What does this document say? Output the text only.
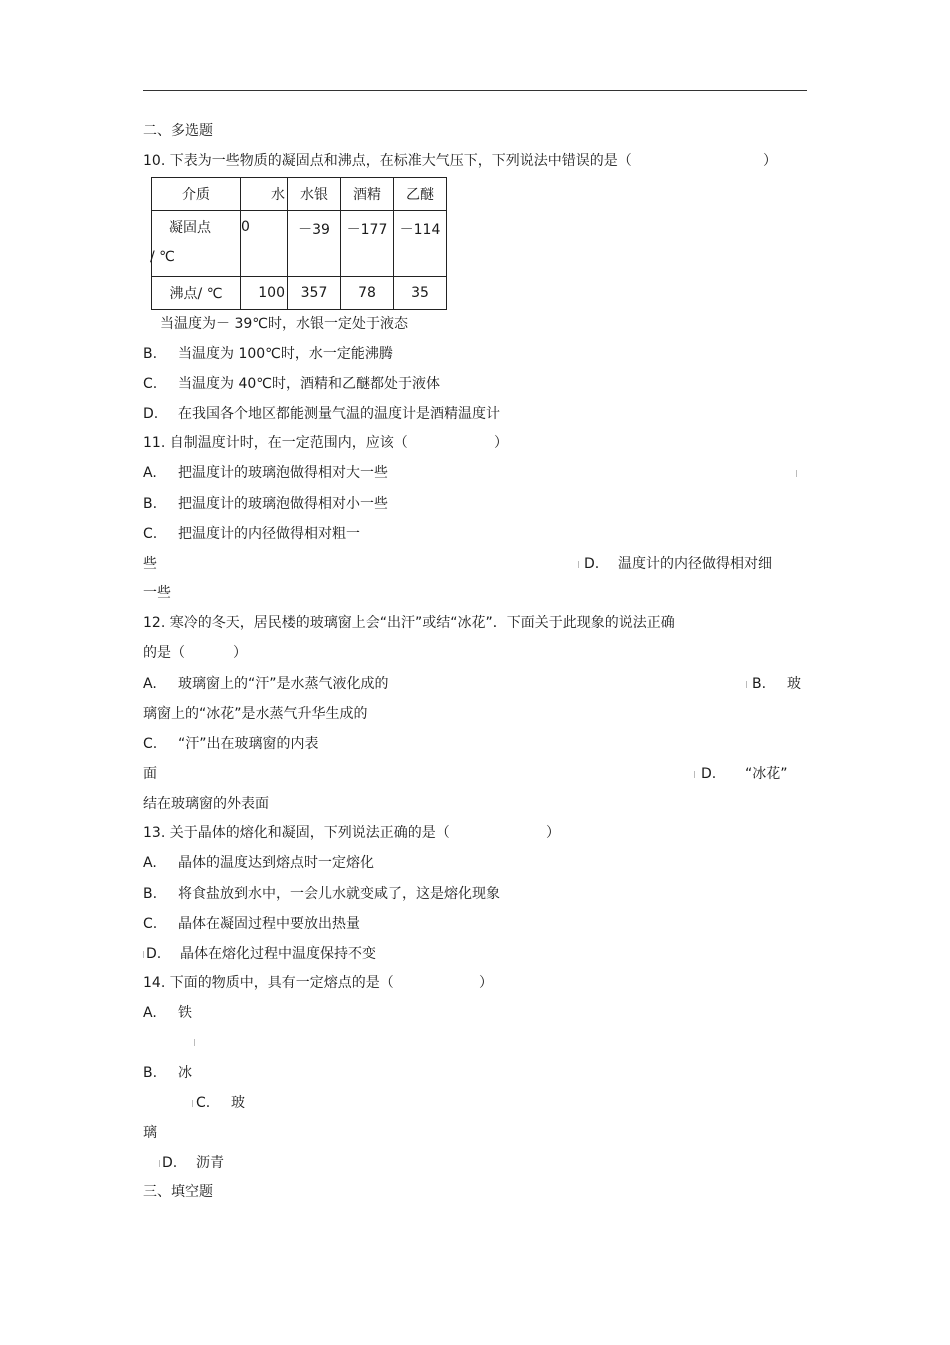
二、多选题
10. 下表为一些物质的凝固点和沸点，在标准大气压下，下列说法中错误的是（	）
介质	水	水银	酒精	乙醚

凝固点
/ ℃	0	－39	－177	－114
沸点/ ℃	100	357	78	35
当温度为－ 39℃时，水银一定处于液态
B. 当温度为 100℃时，水一定能沸腾
C. 当温度为 40℃时，酒精和乙醚都处于液体
D. 在我国各个地区都能测量气温的温度计是酒精温度计
11. 自制温度计时，在一定范围内，应该（	）
A. 把温度计的玻璃泡做得相对大一些
B. 把温度计的玻璃泡做得相对小一些
C. 把温度计的内径做得相对粗一
些	D. 温度计的内径做得相对细
一些
12. 寒冷的冬天，居民楼的玻璃窗上会“出汗”或结“冰花”．下面关于此现象的说法正确
的是（	）
A. 玻璃窗上的“汗”是水蒸气液化成的	B. 玻
璃窗上的“冰花”是水蒸气升华生成的
C. “汗”出在玻璃窗的内表
面	D. “冰花”
结在玻璃窗的外表面
13. 关于晶体的熔化和凝固，下列说法正确的是（	）
A. 晶体的温度达到熔点时一定熔化
B. 将食盐放到水中，一会儿水就变咸了，这是熔化现象
C. 晶体在凝固过程中要放出热量
D. 晶体在熔化过程中温度保持不变
14. 下面的物质中，具有一定熔点的是（	）
A. 铁
B. 冰
C. 玻
璃
D. 沥青
三、填空题
